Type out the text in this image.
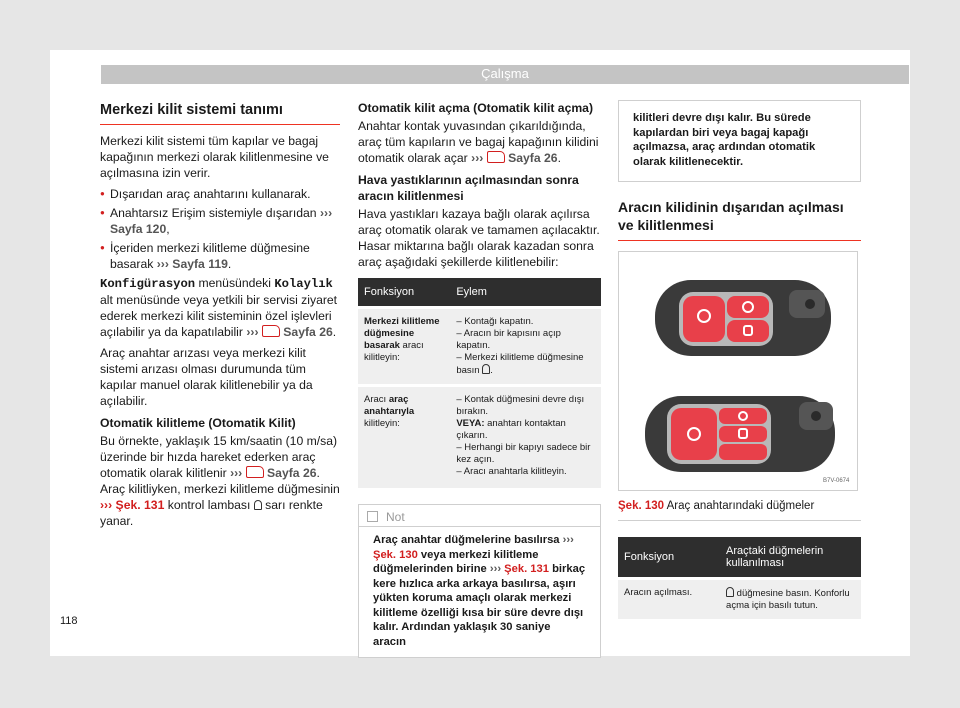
Çalışma
Merkezi kilit sistemi tanımı

Merkezi kilit sistemi tüm kapılar ve bagaj kapağının merkezi olarak kilitlenmesine ve açılmasına izin verir.

● Dışarıdan araç anahtarını kullanarak.
● Anahtarsız Erişim sistemiyle dışarıdan ››› Sayfa 120,
● İçeriden merkezi kilitleme düğmesine basarak ››› Sayfa 119.

Konfigürasyon menüsündeki Kolaylık alt menüsünde veya yetkili bir servisi ziyaret ederek merkezi kilit sisteminin özel işlevleri açılabilir ya da kapatılabilir ››› Sayfa 26.

Araç anahtar arızası veya merkezi kilit sistemi arızası olması durumunda tüm kapılar manuel olarak kilitlenebilir ya da açılabilir.

Otomatik kilitleme (Otomatik Kilit)

Bu örnekte, yaklaşık 15 km/saatin (10 m/sa) üzerinde bir hızda hareket ederken araç otomatik olarak kilitlenir ››› Sayfa 26. Araç kilitliyken, merkezi kilitleme düğmesinin ››› Şek. 131 kontrol lambası  sarı renkte yanar.

Otomatik kilit açma (Otomatik kilit açma)

Anahtar kontak yuvasından çıkarıldığında, araç tüm kapıların ve bagaj kapağının kilidini otomatik olarak açar ››› Sayfa 26.

Hava yastıklarının açılmasından sonra aracın kilitlenmesi

Hava yastıkları kazaya bağlı olarak açılırsa araç otomatik olarak ve tamamen açılacaktır. Hasar miktarına bağlı olarak kazadan sonra araç aşağıdaki şekillerde kilitlenebilir:

Fonksiyon	Eylem
Merkezi kilitleme düğmesine basarak aracı kilitleyin:	– Kontağı kapatın.
– Aracın bir kapısını açıp kapatın.
– Merkezi kilitleme düğmesine basın .

Aracı araç anahtarıyla kilitleyin:	– Kontak düğmesini devre dışı bırakın.
VEYA: anahtarı kontaktan çıkarın.
– Herhangi bir kapıyı sadece bir kez açın.
– Aracı anahtarla kilitleyin.
Not
Araç anahtar düğmelerine basılırsa ››› Şek. 130 veya merkezi kilitleme düğmelerinden birine ››› Şek. 131 birkaç kere hızlıca arka arkaya basılırsa, aşırı yükten koruma amaçlı olarak merkezi kilitleme özelliği kısa bir süre devre dışı kalır. Ardından yaklaşık 30 saniye aracın
kilitleri devre dışı kalır. Bu sürede kapılardan biri veya bagaj kapağı açılmazsa, araç ardından otomatik olarak kilitlenecektir.
Aracın kilidinin dışarıdan açılması ve kilitlenmesi
B7V-0674
Şek. 130 Araç anahtarındaki düğmeler
Fonksiyon	Araçtaki düğmelerin kullanılması
Aracın açılması.	düğmesine basın. Konforlu açma için basılı tutun.
118
